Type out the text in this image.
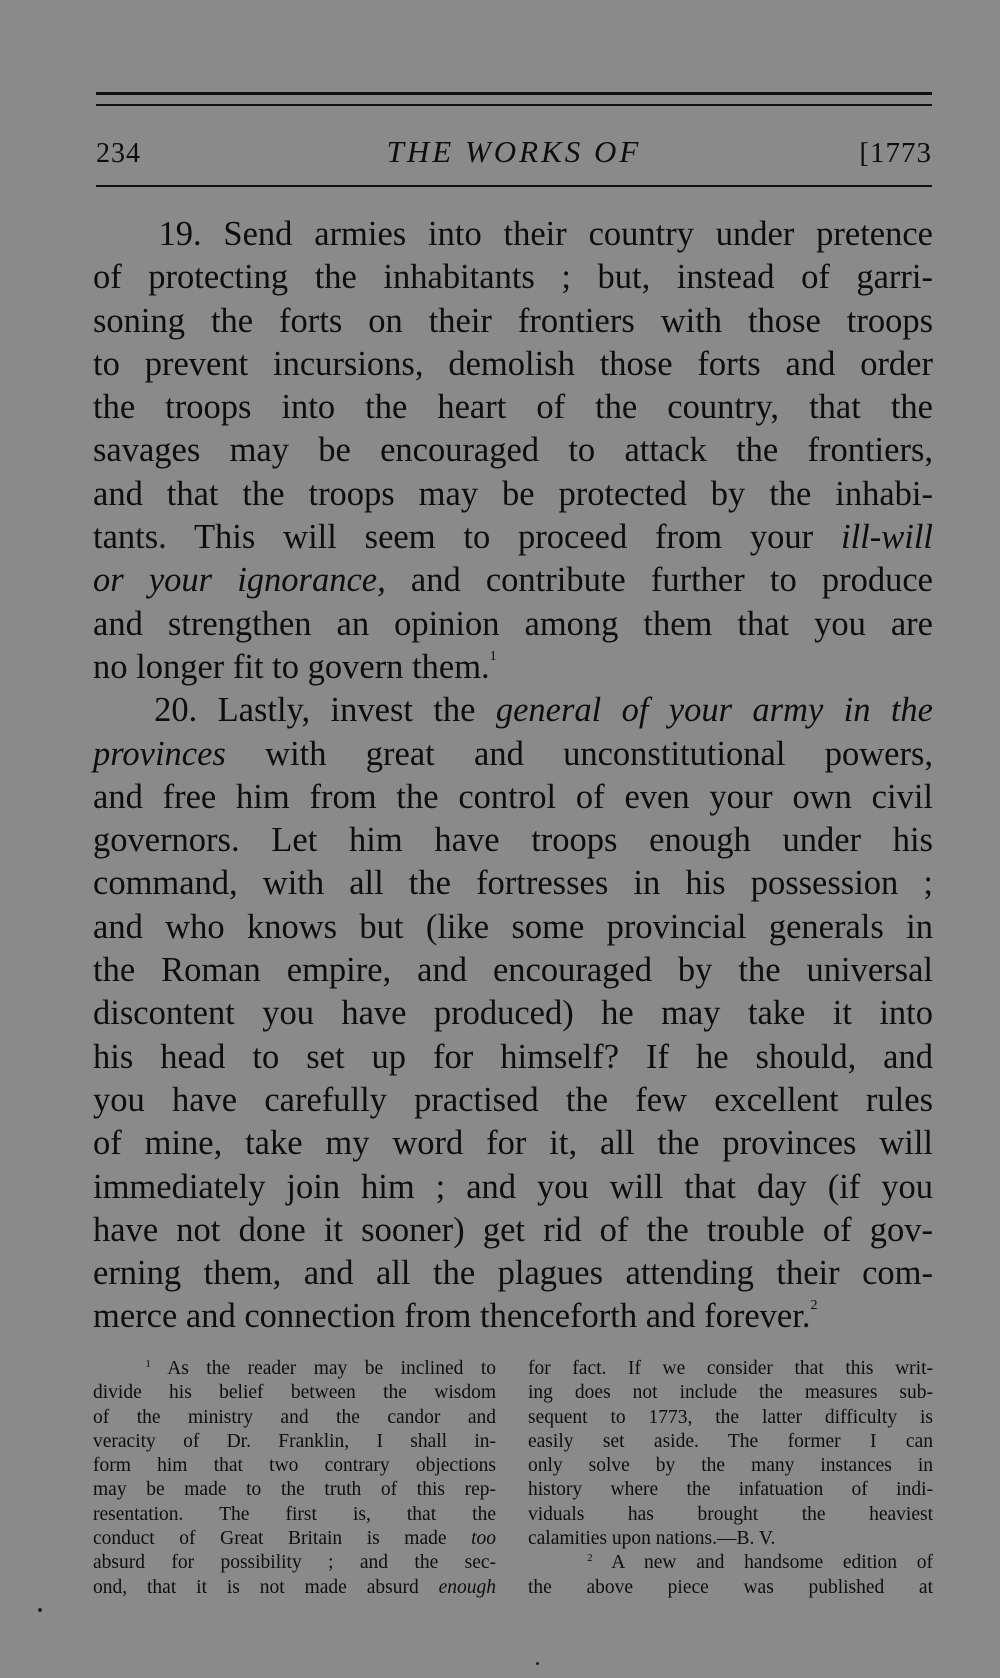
234	THE WORKS OF	[1773
19. Send armies into their country under pretence
of protecting the inhabitants ; but, instead of garri-
soning the forts on their frontiers with those troops
to prevent incursions, demolish those forts and order
the troops into the heart of the country, that the
savages may be encouraged to attack the frontiers,
and that the troops may be protected by the inhabi-
tants. This will seem to proceed from your ill-will
or your ignorance, and contribute further to produce
and strengthen an opinion among them that you are
no longer fit to govern them.$^1$
20. Lastly, invest the general of your army in the
provinces with great and unconstitutional powers,
and free him from the control of even your own civil
governors. Let him have troops enough under his
command, with all the fortresses in his possession ;
and who knows but (like some provincial generals in
the Roman empire, and encouraged by the universal
discontent you have produced) he may take it into
his head to set up for himself? If he should, and
you have carefully practised the few excellent rules
of mine, take my word for it, all the provinces will
immediately join him ; and you will that day (if you
have not done it sooner) get rid of the trouble of gov-
erning them, and all the plagues attending their com-
merce and connection from thenceforth and forever.$^2$
$^1$ As the reader may be inclined to
divide his belief between the wisdom
of the ministry and the candor and
veracity of Dr. Franklin, I shall in-
form him that two contrary objections
may be made to the truth of this rep-
resentation. The first is, that the
conduct of Great Britain is made too
absurd for possibility ; and the sec-
ond, that it is not made absurd enough
for fact. If we consider that this writ-
ing does not include the measures sub-
sequent to 1773, the latter difficulty is
easily set aside. The former I can
only solve by the many instances in
history where the infatuation of indi-
viduals has brought the heaviest
calamities upon nations.—B. V.
$^2$ A new and handsome edition of
the above piece was published at
